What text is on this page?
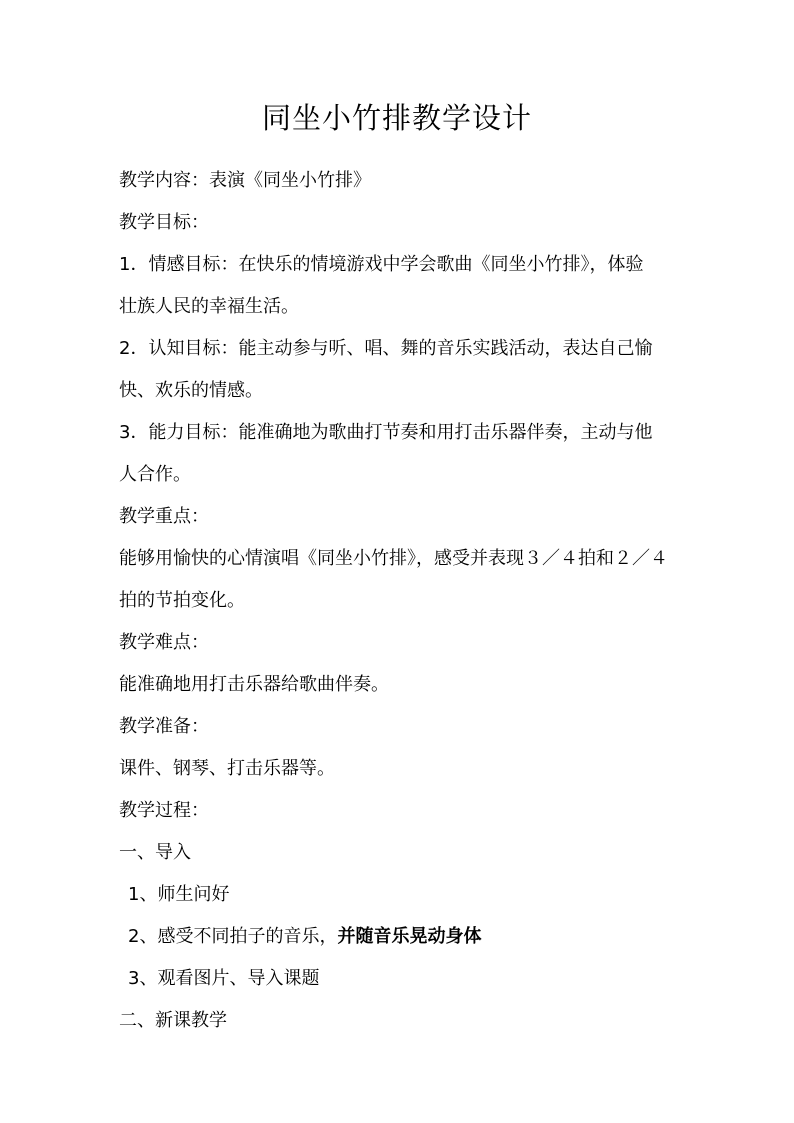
同坐小竹排教学设计
教学内容：表演《同坐小竹排》
教学目标：
1．情感目标：在快乐的情境游戏中学会歌曲《同坐小竹排》，体验
壮族人民的幸福生活。
2．认知目标：能主动参与听、唱、舞的音乐实践活动，表达自己愉
快、欢乐的情感。
3．能力目标：能准确地为歌曲打节奏和用打击乐器伴奏，主动与他
人合作。
教学重点：
能够用愉快的心情演唱《同坐小竹排》，感受并表现３／４拍和２／４
拍的节拍变化。
教学难点：
能准确地用打击乐器给歌曲伴奏。
教学准备：
课件、钢琴、打击乐器等。
教学过程：
一、导入
1、师生问好
2、感受不同拍子的音乐，并随音乐晃动身体
3、观看图片、导入课题
二、新课教学
